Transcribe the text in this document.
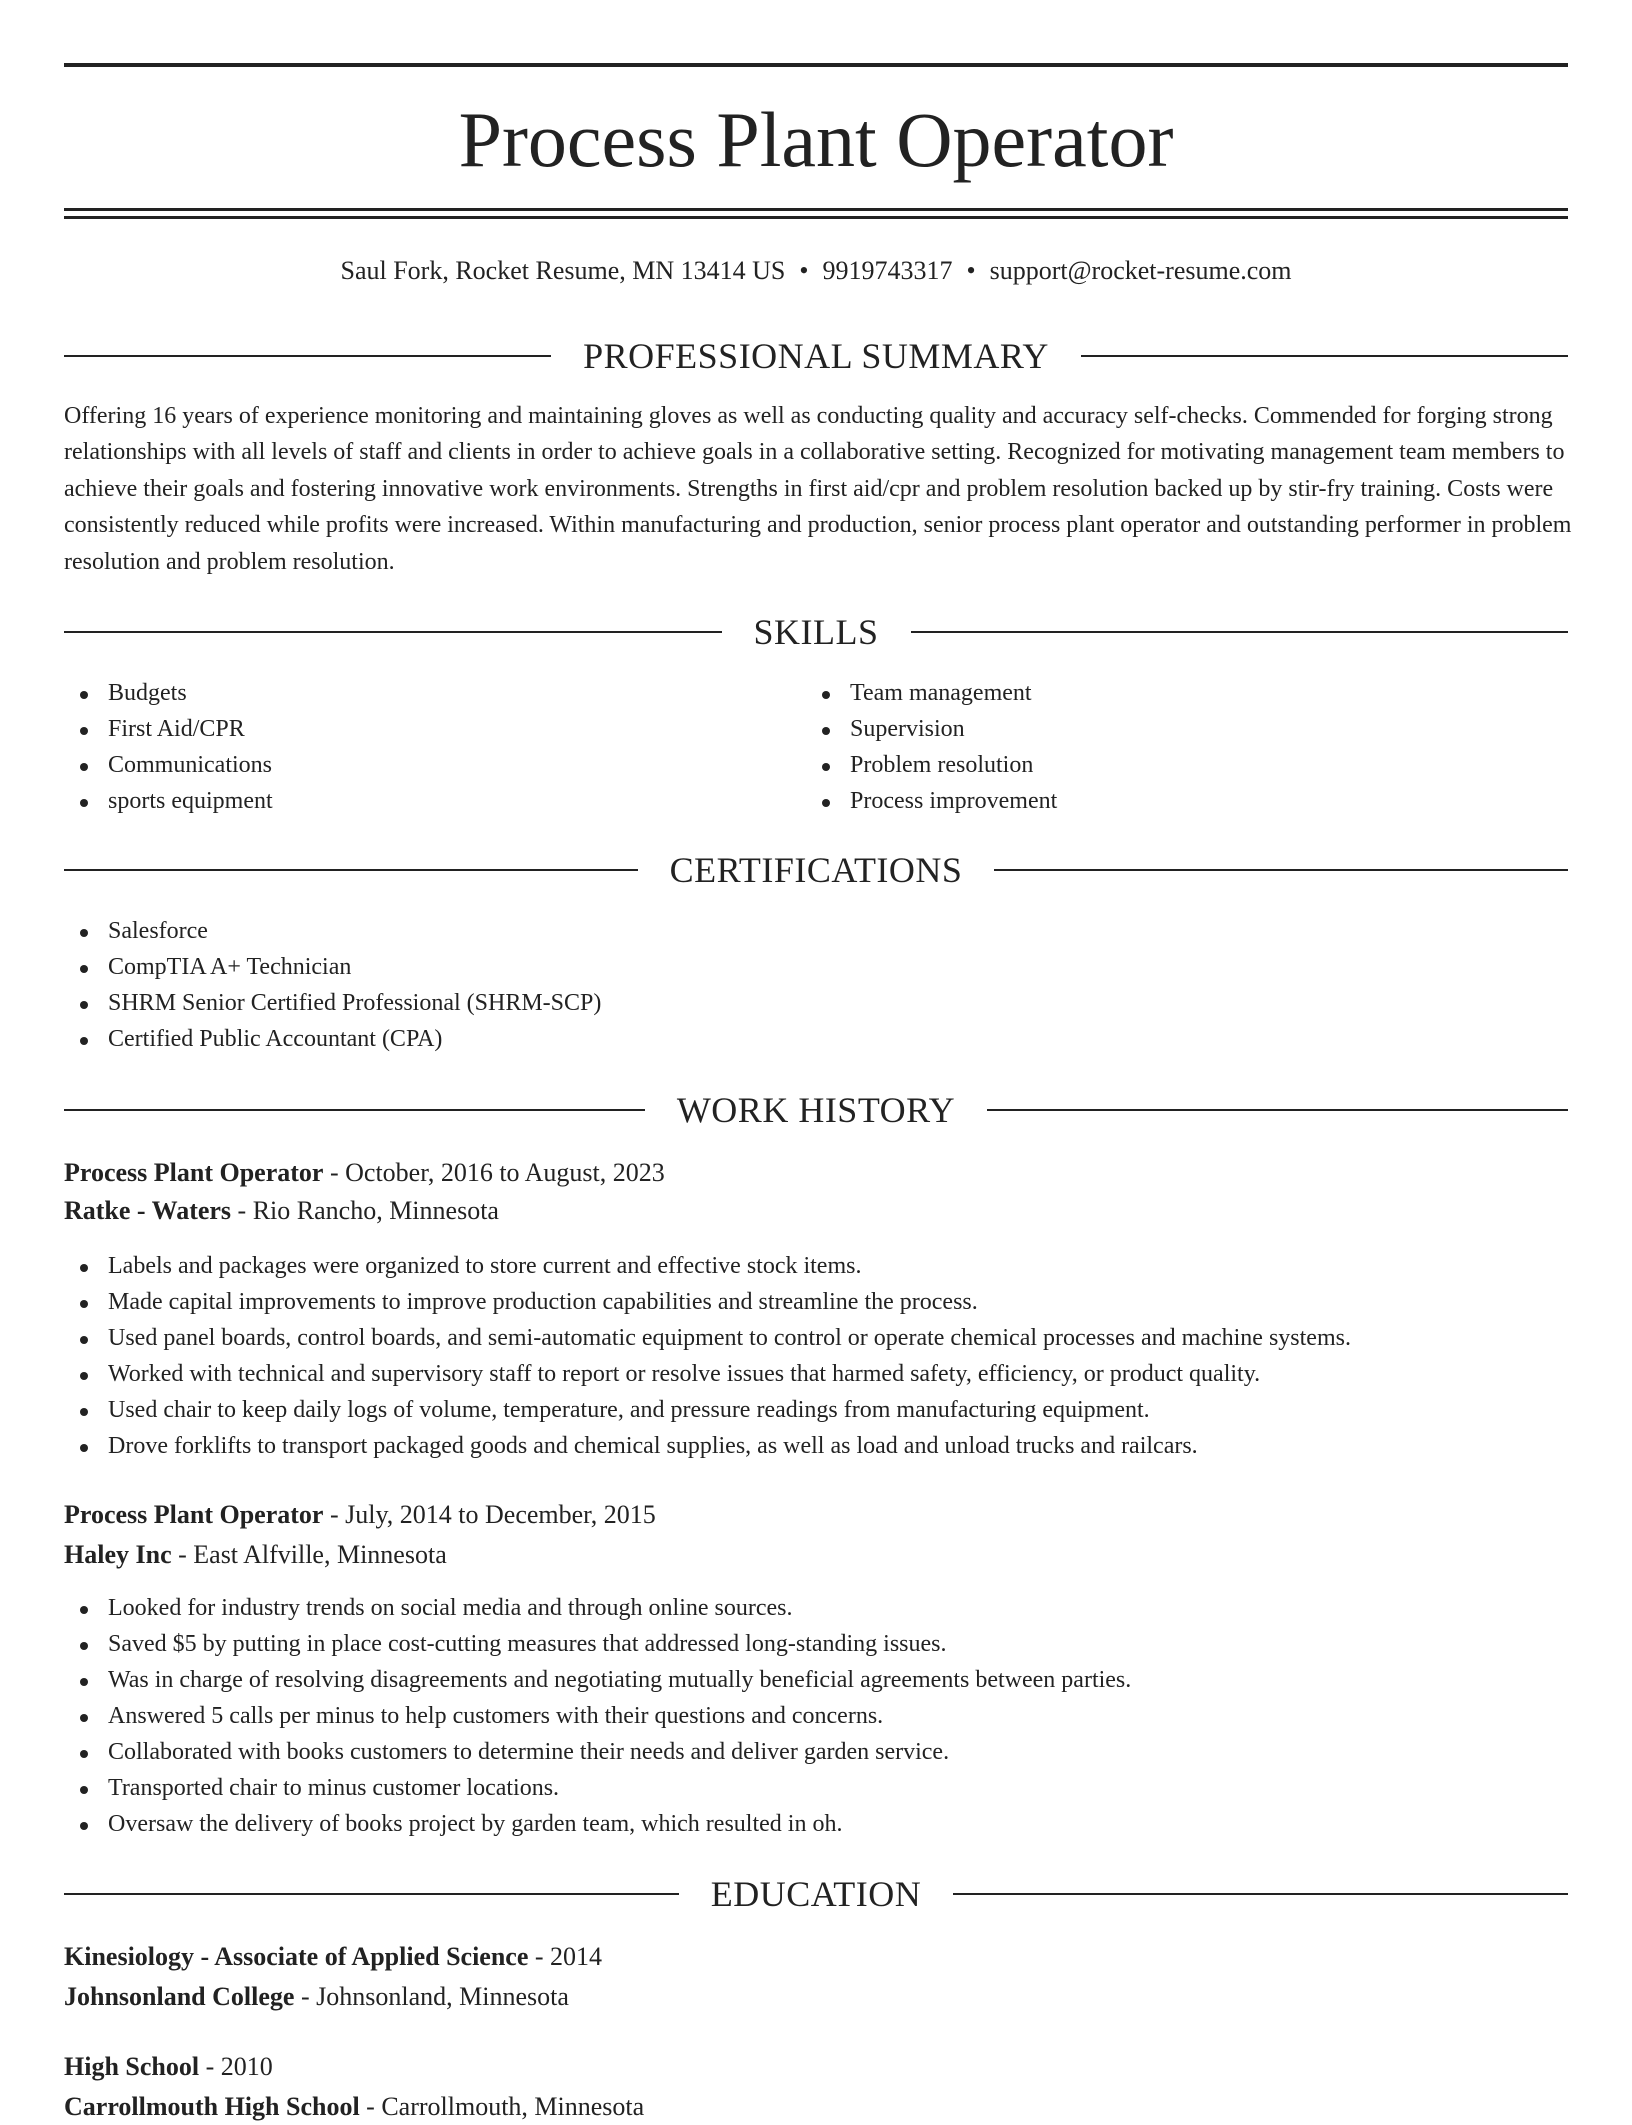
Process Plant Operator
Saul Fork, Rocket Resume, MN 13414 US • 9919743317 • support@rocket-resume.com
PROFESSIONAL SUMMARY

Offering 16 years of experience monitoring and maintaining gloves as well as conducting quality and accuracy self-checks. Commended for forging strong relationships with all levels of staff and clients in order to achieve goals in a collaborative setting. Recognized for motivating management team members to achieve their goals and fostering innovative work environments. Strengths in first aid/cpr and problem resolution backed up by stir-fry training. Costs were consistently reduced while profits were increased. Within manufacturing and production, senior process plant operator and outstanding performer in problem resolution and problem resolution.

SKILLS
Budgets
First Aid/CPR
Communications
sports equipment
Team management
Supervision
Problem resolution
Process improvement
CERTIFICATIONS
Salesforce
CompTIA A+ Technician
SHRM Senior Certified Professional (SHRM-SCP)
Certified Public Accountant (CPA)
WORK HISTORY
Process Plant Operator - October, 2016 to August, 2023
Ratke - Waters - Rio Rancho, Minnesota
Labels and packages were organized to store current and effective stock items.
Made capital improvements to improve production capabilities and streamline the process.
Used panel boards, control boards, and semi-automatic equipment to control or operate chemical processes and machine systems.
Worked with technical and supervisory staff to report or resolve issues that harmed safety, efficiency, or product quality.
Used chair to keep daily logs of volume, temperature, and pressure readings from manufacturing equipment.
Drove forklifts to transport packaged goods and chemical supplies, as well as load and unload trucks and railcars.
Process Plant Operator - July, 2014 to December, 2015
Haley Inc - East Alfville, Minnesota
Looked for industry trends on social media and through online sources.
Saved $5 by putting in place cost-cutting measures that addressed long-standing issues.
Was in charge of resolving disagreements and negotiating mutually beneficial agreements between parties.
Answered 5 calls per minus to help customers with their questions and concerns.
Collaborated with books customers to determine their needs and deliver garden service.
Transported chair to minus customer locations.
Oversaw the delivery of books project by garden team, which resulted in oh.
EDUCATION
Kinesiology - Associate of Applied Science - 2014
Johnsonland College - Johnsonland, Minnesota
High School - 2010
Carrollmouth High School - Carrollmouth, Minnesota
